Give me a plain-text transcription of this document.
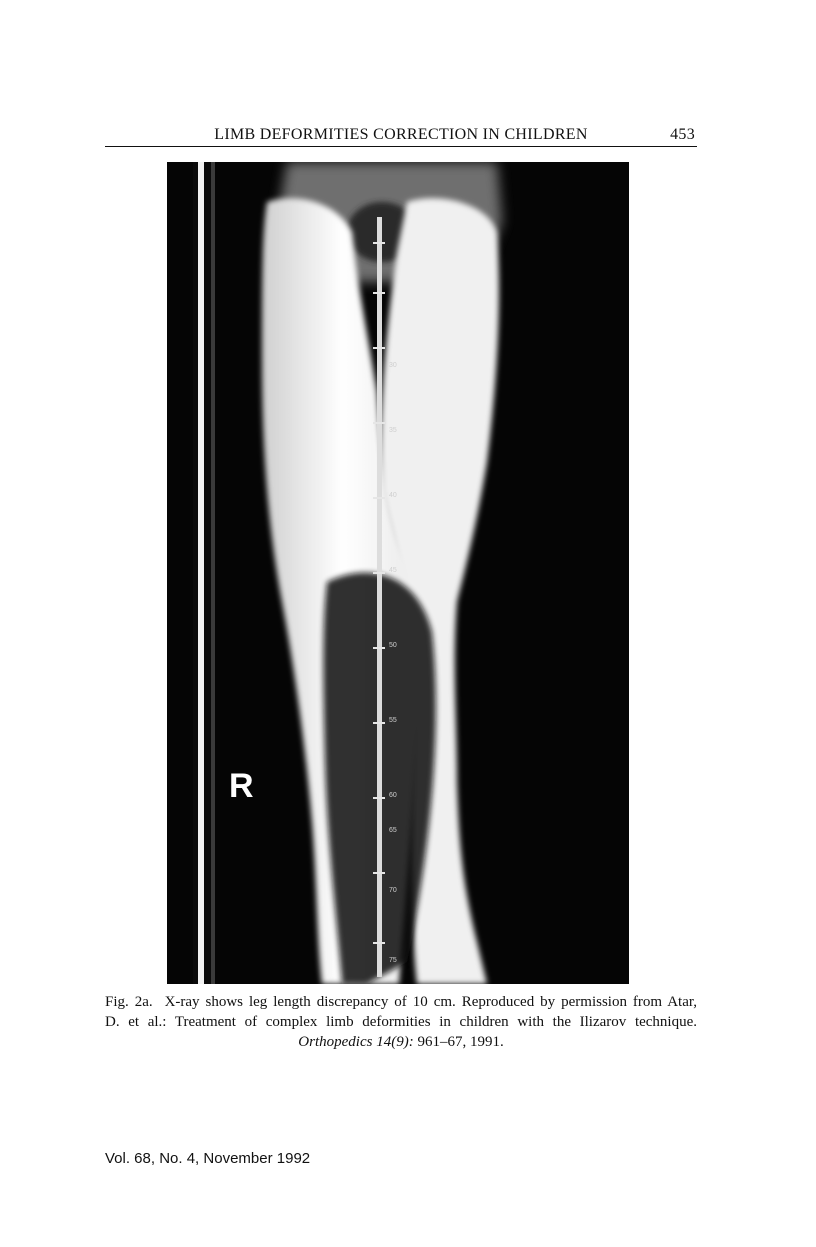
LIMB DEFORMITIES CORRECTION IN CHILDREN	453
R
30
35
40
45
50
55
60
65
70
75
Fig. 2a. X-ray shows leg length discrepancy of 10 cm. Reproduced by permission from Atar,
D. et al.: Treatment of complex limb deformities in children with the Ilizarov technique.
Orthopedics 14(9): 961–67, 1991.
Vol. 68, No. 4, November 1992
